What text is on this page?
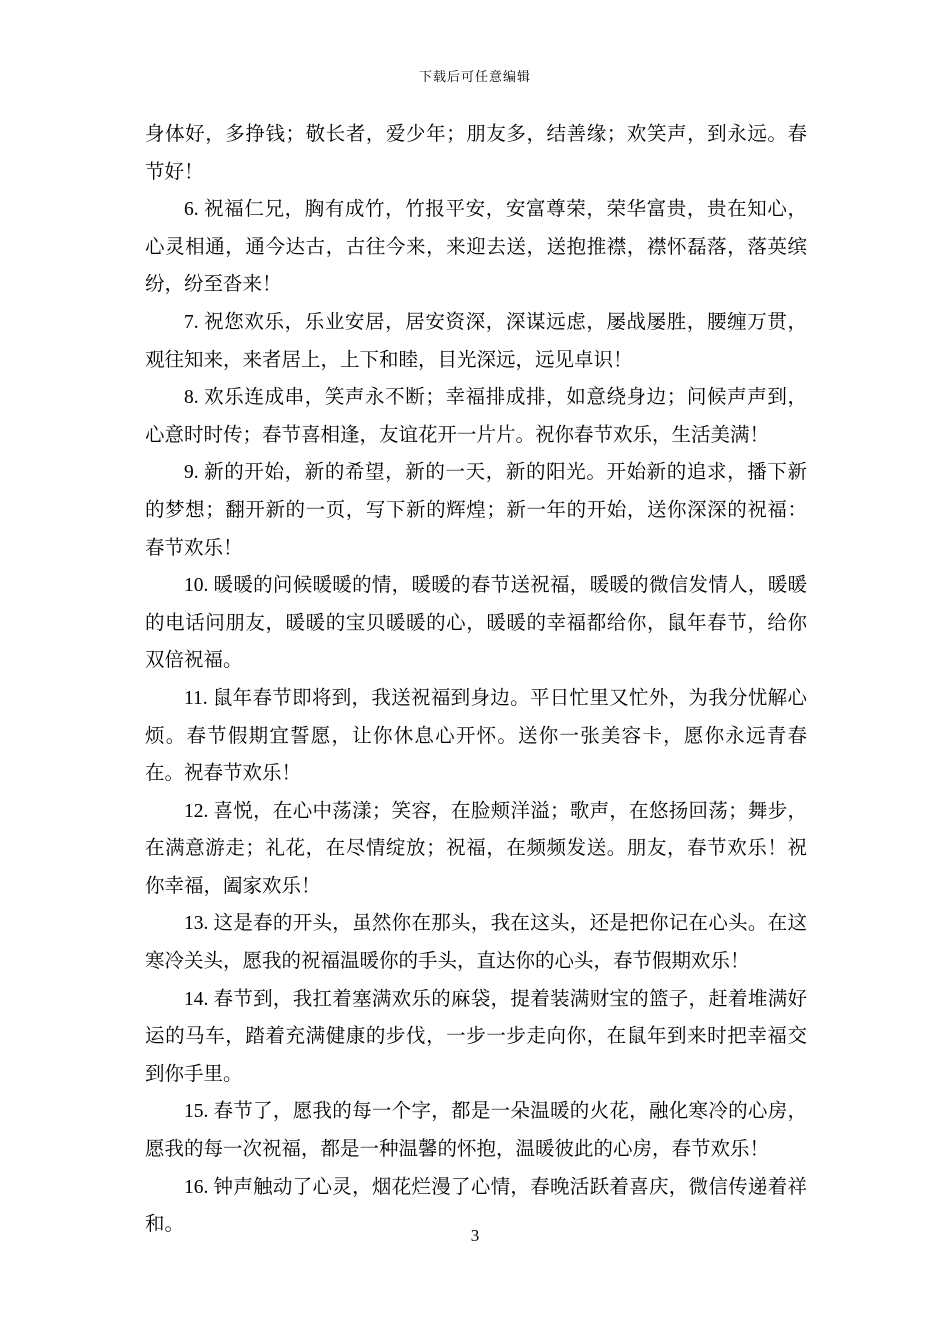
下载后可任意编辑

身体好，多挣钱；敬长者，爱少年；朋友多，结善缘；欢笑声，到永远。春节好！

6. 祝福仁兄，胸有成竹，竹报平安，安富尊荣，荣华富贵，贵在知心，心灵相通，通今达古，古往今来，来迎去送，送抱推襟，襟怀磊落，落英缤纷，纷至沓来！

7. 祝您欢乐，乐业安居，居安资深，深谋远虑，屡战屡胜，腰缠万贯，观往知来，来者居上，上下和睦，目光深远，远见卓识！

8. 欢乐连成串，笑声永不断；幸福排成排，如意绕身边；问候声声到，心意时时传；春节喜相逢，友谊花开一片片。祝你春节欢乐，生活美满！

9. 新的开始，新的希望，新的一天，新的阳光。开始新的追求，播下新的梦想；翻开新的一页，写下新的辉煌；新一年的开始，送你深深的祝福：春节欢乐！

10. 暖暖的问候暖暖的情，暖暖的春节送祝福，暖暖的微信发情人，暖暖的电话问朋友，暖暖的宝贝暖暖的心，暖暖的幸福都给你，鼠年春节，给你双倍祝福。

11. 鼠年春节即将到，我送祝福到身边。平日忙里又忙外，为我分忧解心烦。春节假期宜誓愿，让你休息心开怀。送你一张美容卡，愿你永远青春在。祝春节欢乐！

12. 喜悦，在心中荡漾；笑容，在脸颊洋溢；歌声，在悠扬回荡；舞步，在满意游走；礼花，在尽情绽放；祝福，在频频发送。朋友，春节欢乐！祝你幸福，阖家欢乐！

13. 这是春的开头，虽然你在那头，我在这头，还是把你记在心头。在这寒冷关头，愿我的祝福温暖你的手头，直达你的心头，春节假期欢乐！

14. 春节到，我扛着塞满欢乐的麻袋，提着装满财宝的篮子，赶着堆满好运的马车，踏着充满健康的步伐，一步一步走向你，在鼠年到来时把幸福交到你手里。

15. 春节了，愿我的每一个字，都是一朵温暖的火花，融化寒冷的心房，愿我的每一次祝福，都是一种温馨的怀抱，温暖彼此的心房，春节欢乐！

16. 钟声触动了心灵，烟花烂漫了心情，春晚活跃着喜庆，微信传递着祥和。

3
